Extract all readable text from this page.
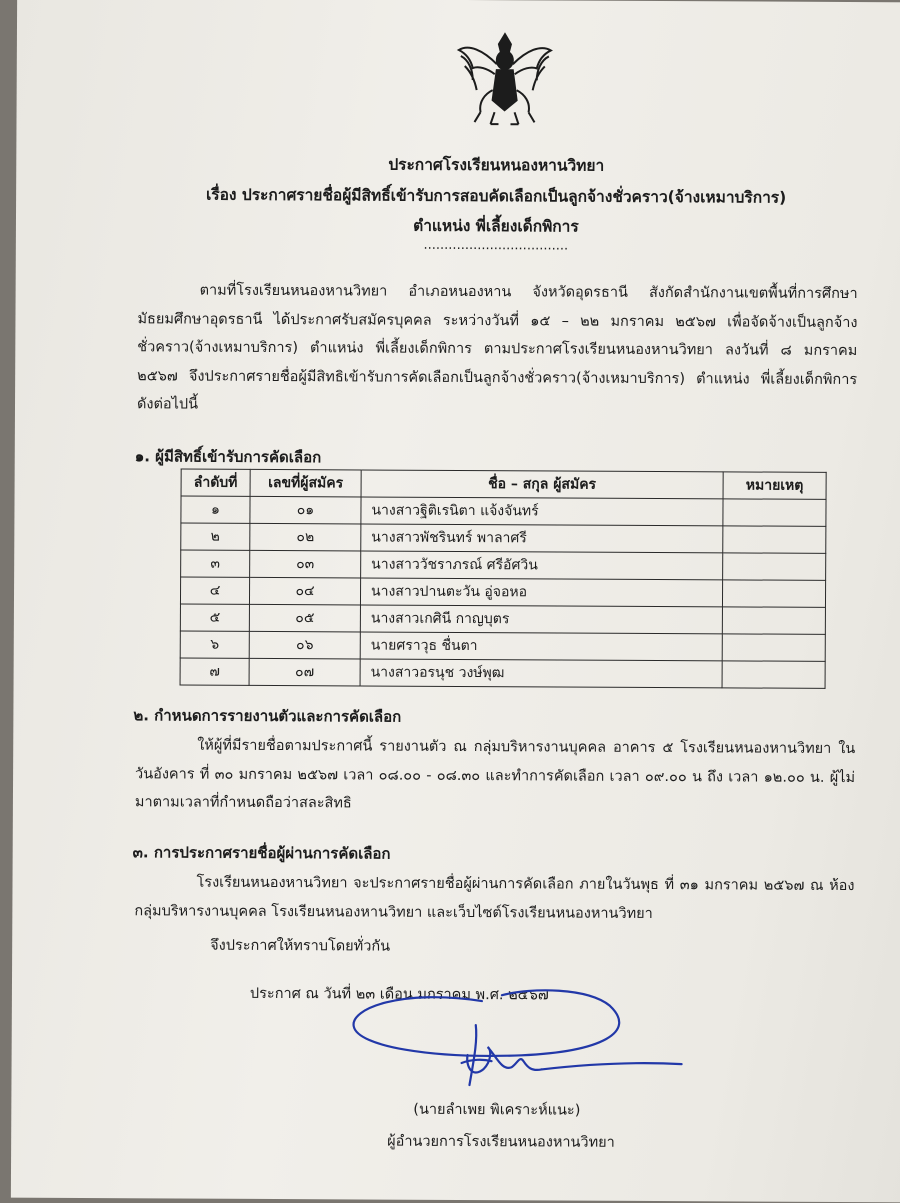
ประกาศโรงเรียนหนองหานวิทยา
เรื่อง ประกาศรายชื่อผู้มีสิทธิ์เข้ารับการสอบคัดเลือกเป็นลูกจ้างชั่วคราว(จ้างเหมาบริการ)
ตำแหน่ง พี่เลี้ยงเด็กพิการ
...................................
ตามที่โรงเรียนหนองหานวิทยา อำเภอหนองหาน จังหวัดอุดรธานี สังกัดสำนักงานเขตพื้นที่การศึกษามัธยมศึกษาอุดรธานี ได้ประกาศรับสมัครบุคคล ระหว่างวันที่ ๑๕ – ๒๒ มกราคม ๒๕๖๗ เพื่อจัดจ้างเป็นลูกจ้างชั่วคราว(จ้างเหมาบริการ) ตำแหน่ง พี่เลี้ยงเด็กพิการ ตามประกาศโรงเรียนหนองหานวิทยา ลงวันที่ ๘ มกราคม ๒๕๖๗ จึงประกาศรายชื่อผู้มีสิทธิเข้ารับการคัดเลือกเป็นลูกจ้างชั่วคราว(จ้างเหมาบริการ) ตำแหน่ง พี่เลี้ยงเด็กพิการ ดังต่อไปนี้
๑. ผู้มีสิทธิ์เข้ารับการคัดเลือก
ลำดับที่	เลขที่ผู้สมัคร	ชื่อ – สกุล ผู้สมัคร	หมายเหตุ
๑	๐๑	นางสาวฐิติเรนิตา แจ้งจันทร์	
๒	๐๒	นางสาวพัชรินทร์ พาลาศรี	
๓	๐๓	นางสาววัชราภรณ์ ศรีอัศวิน	
๔	๐๔	นางสาวปานตะวัน อู่จอหอ	
๕	๐๕	นางสาวเกศินี กาญบุตร	
๖	๐๖	นายศราวุธ ชื่นตา	
๗	๐๗	นางสาวอรนุช วงษ์พุฒ	
๒. กำหนดการรายงานตัวและการคัดเลือก
ให้ผู้ที่มีรายชื่อตามประกาศนี้ รายงานตัว ณ กลุ่มบริหารงานบุคคล อาคาร ๕ โรงเรียนหนองหานวิทยา ในวันอังคาร ที่ ๓๐ มกราคม ๒๕๖๗ เวลา ๐๘.๐๐ - ๐๘.๓๐ และทำการคัดเลือก เวลา ๐๙.๐๐ น ถึง เวลา ๑๒.๐๐ น. ผู้ไม่มาตามเวลาที่กำหนดถือว่าสละสิทธิ
๓. การประกาศรายชื่อผู้ผ่านการคัดเลือก
โรงเรียนหนองหานวิทยา จะประกาศรายชื่อผู้ผ่านการคัดเลือก ภายในวันพุธ ที่ ๓๑ มกราคม ๒๕๖๗ ณ ห้องกลุ่มบริหารงานบุคคล โรงเรียนหนองหานวิทยา และเว็บไซต์โรงเรียนหนองหานวิทยา
จึงประกาศให้ทราบโดยทั่วกัน
ประกาศ ณ วันที่ ๒๓ เดือน มกราคม พ.ศ. ๒๕๖๗
(นายลำเพย พิเคราะห์แนะ)
ผู้อำนวยการโรงเรียนหนองหานวิทยา
